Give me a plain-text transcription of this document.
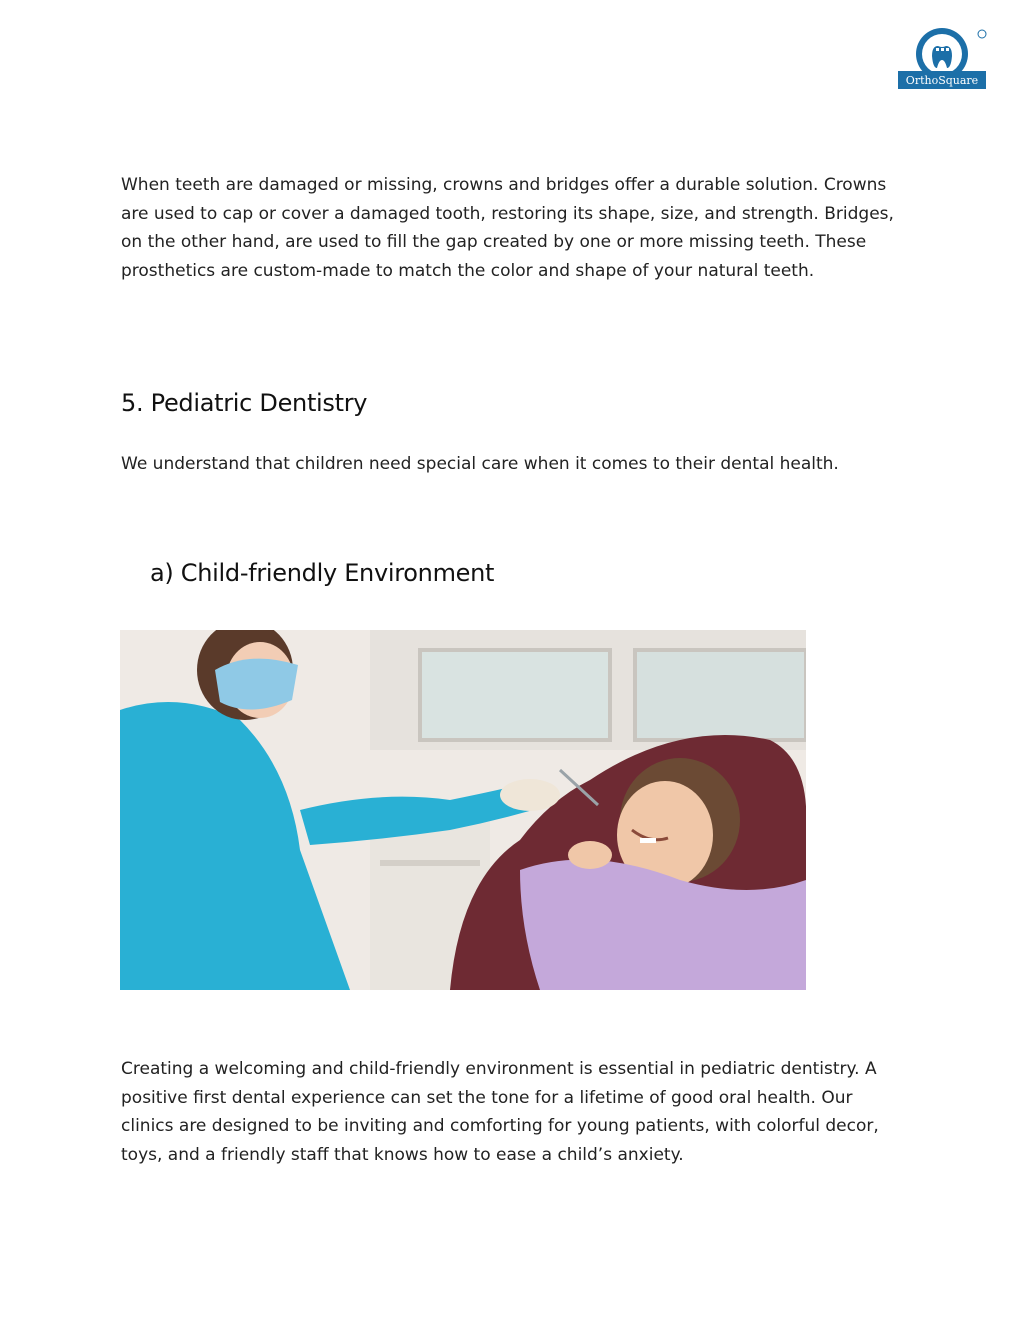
OrthoSquare

When teeth are damaged or missing, crowns and bridges offer a durable solution. Crowns are used to cap or cover a damaged tooth, restoring its shape, size, and strength. Bridges, on the other hand, are used to fill the gap created by one or more missing teeth. These prosthetics are custom-made to match the color and shape of your natural teeth.

5. Pediatric Dentistry

We understand that children need special care when it comes to their dental health.

a) Child-friendly Environment

Creating a welcoming and child-friendly environment is essential in pediatric dentistry. A positive first dental experience can set the tone for a lifetime of good oral health. Our clinics are designed to be inviting and comforting for young patients, with colorful decor, toys, and a friendly staff that knows how to ease a child’s anxiety.
